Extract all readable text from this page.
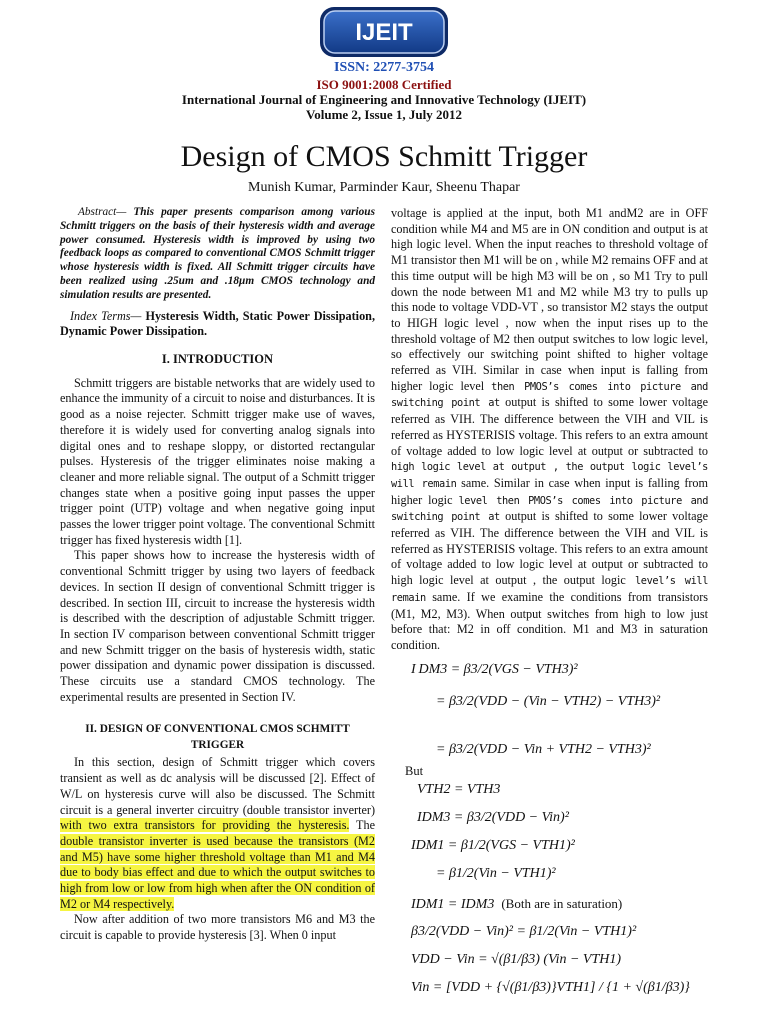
IJEIT
ISSN: 2277-3754
ISO 9001:2008 Certified
International Journal of Engineering and Innovative Technology (IJEIT)
Volume 2, Issue 1, July 2012
Design of CMOS Schmitt Trigger
Munish Kumar, Parminder Kaur, Sheenu Thapar

Abstract— This paper presents comparison among various Schmitt triggers on the basis of their hysteresis width and average power consumed. Hysteresis width is improved by using two feedback loops as compared to conventional CMOS Schmitt trigger whose hysteresis width is fixed. All Schmitt trigger circuits have been realized using .25um and .18μm CMOS technology and simulation results are presented.

Index Terms— Hysteresis Width, Static Power Dissipation, Dynamic Power Dissipation.

I. INTRODUCTION

Schmitt triggers are bistable networks that are widely used to enhance the immunity of a circuit to noise and disturbances. It is good as a noise rejecter. Schmitt trigger make use of waves, therefore it is widely used for converting analog signals into digital ones and to reshape sloppy, or distorted rectangular pulses. Hysteresis of the trigger eliminates noise making a cleaner and more reliable signal. The output of a Schmitt trigger changes state when a positive going input passes the upper trigger point (UTP) voltage and when negative going input passes the lower trigger point voltage. The conventional Schmitt trigger has fixed hysteresis width [1].

This paper shows how to increase the hysteresis width of conventional Schmitt trigger by using two layers of feedback devices. In section II design of conventional Schmitt trigger is described. In section III, circuit to increase the hysteresis width is described with the description of adjustable Schmitt trigger. In section IV comparison between conventional Schmitt trigger and new Schmitt trigger on the basis of hysteresis width, static power dissipation and dynamic power dissipation is discussed. These circuits use a standard CMOS technology. The experimental results are presented in Section IV.

II. DESIGN OF CONVENTIONAL CMOS SCHMITT
TRIGGER

In this section, design of Schmitt trigger which covers transient as well as dc analysis will be discussed [2]. Effect of W/L on hysteresis curve will also be discussed. The Schmitt circuit is a general inverter circuitry (double transistor inverter) with two extra transistors for providing the hysteresis. The double transistor inverter is used because the transistors (M2 and M5) have some higher threshold voltage than M1 and M4 due to body bias effect and due to which the output switches to high from low or low from high when after the ON condition of M2 or M4 respectively.

Now after addition of two more transistors M6 and M3 the circuit is capable to provide hysteresis [3]. When 0 input

voltage is applied at the input, both M1 andM2 are in OFF condition while M4 and M5 are in ON condition and output is at high logic level. When the input reaches to threshold voltage of M1 transistor then M1 will be on , while M2 remains OFF and at this time output will be high M3 will be on , so M1 Try to pull down the node between M1 and M2 while M3 try to pulls up this node to voltage VDD-VT , so transistor M2 stays the output to HIGH logic level , now when the input rises up to the threshold voltage of M2 then output switches to low logic level, so effectively our switching point shifted to higher voltage referred as VIH. Similar in case when input is falling from higher logic level then PMOS’s comes into picture and switching point at output is shifted to some lower voltage referred as VIH. The difference between the VIH and VIL is referred as HYSTERISIS voltage. This refers to an extra amount of voltage added to low logic level at output or subtracted to high logic level at output , the output logic level’s will remain same. Similar in case when input is falling from higher logic level then PMOS’s comes into picture and switching point at output is shifted to some lower voltage referred as VIH. The difference between the VIH and VIL is referred as HYSTERISIS voltage. This refers to an extra amount of voltage added to low logic level at output or subtracted to high logic level at output , the output logic level’s will remain same. If we examine the conditions from transistors (M1, M2, M3). When output switches from high to low just before that: M2 in off condition. M1 and M3 in saturation condition.

I DM3 = β3/2(VGS − VTH3)²
= β3/2(VDD − (Vin − VTH2) − VTH3)²
= β3/2(VDD − Vin + VTH2 − VTH3)²
But
VTH2 = VTH3
IDM3 = β3/2(VDD − Vin)²
IDM1 = β1/2(VGS − VTH1)²
= β1/2(Vin − VTH1)²
IDM1 = IDM3 (Both are in saturation)
β3/2(VDD − Vin)² = β1/2(Vin − VTH1)²
VDD − Vin = √(β1/β3) (Vin − VTH1)
Vin = [VDD + {√(β1/β3)}VTH1] / {1 + √(β1/β3)}
